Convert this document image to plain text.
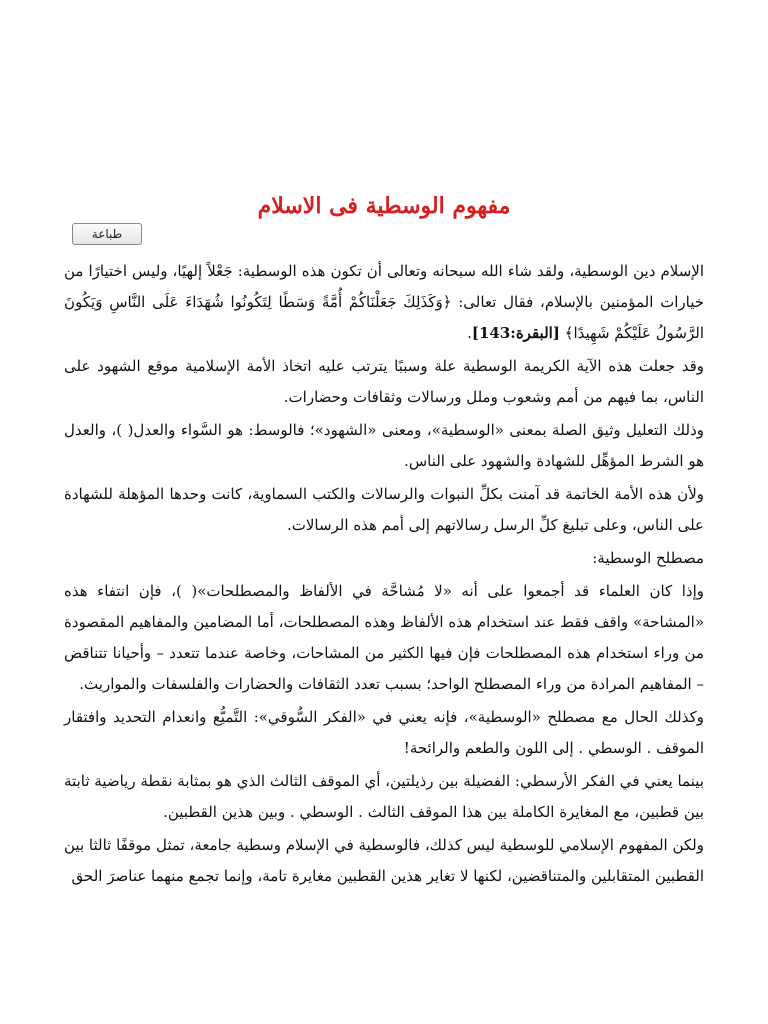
مفهوم الوسطية فى الاسلام
طباعة

الإسلام دين الوسطية، ولقد شاء الله سبحانه وتعالى أن تكون هذه الوسطية: جَعْلاً إلهيًا، وليس اختيارًا من خيارات المؤمنين بالإسلام، فقال تعالى: ﴿وَكَذَلِكَ جَعَلْنَاكُمْ أُمَّةً وَسَطًا لِتَكُونُوا شُهَدَاءَ عَلَى النَّاسِ وَيَكُونَ الرَّسُولُ عَلَيْكُمْ شَهِيدًا﴾ [البقرة:143].

وقد جعلت هذه الآية الكريمة الوسطية علة وسببًا يترتب عليه اتخاذ الأمة الإسلامية موقع الشهود على الناس، بما فيهم من أمم وشعوب وملل ورسالات وثقافات وحضارات.

وذلك التعليل وثيق الصلة بمعنى «الوسطية»، ومعنى «الشهود»؛ فالوسط: هو السَّواء والعدل( )، والعدل هو الشرط المؤهِّل للشهادة والشهود على الناس.

ولأن هذه الأمة الخاتمة قد آمنت بكلِّ النبوات والرسالات والكتب السماوية، كانت وحدها المؤهلة للشهادة على الناس، وعلى تبليغ كلِّ الرسل رسالاتهم إلى أمم هذه الرسالات.

مصطلح الوسطية:

وإذا كان العلماء قد أجمعوا على أنه «لا مُشاحَّة في الألفاظ والمصطلحات»( )، فإن انتفاء هذه «المشاحة» واقف فقط عند استخدام هذه الألفاظ وهذه المصطلحات، أما المضامين والمفاهيم المقصودة من وراء استخدام هذه المصطلحات فإن فيها الكثير من المشاحات، وخاصة عندما تتعدد – وأحيانا تتناقض – المفاهيم المرادة من وراء المصطلح الواحد؛ بسبب تعدد الثقافات والحضارات والفلسفات والمواريث.

وكذلك الحال مع مصطلح «الوسطية»، فإنه يعني في «الفكر السُّوقي»: التَّميُّع وانعدام التحديد وافتقار الموقف . الوسطي . إلى اللون والطعم والرائحة!

بينما يعني في الفكر الأرسطي: الفضيلة بين رذيلتين، أي الموقف الثالث الذي هو بمثابة نقطة رياضية ثابتة بين قطبين، مع المغايرة الكاملة بين هذا الموقف الثالث . الوسطي . وبين هذين القطبين.

ولكن المفهوم الإسلامي للوسطية ليس كذلك، فالوسطية في الإسلام وسطية جامعة، تمثل موقفًا ثالثا بين القطبين المتقابلين والمتناقضين، لكنها لا تغاير هذين القطبين مغايرة تامة، وإنما تجمع منهما عناصرَ الحق
